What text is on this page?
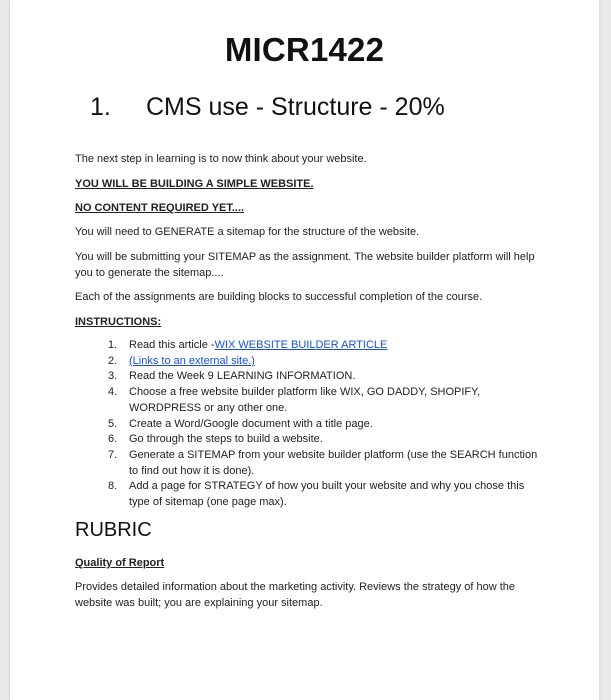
MICR1422
1. CMS use - Structure - 20%
The next step in learning is to now think about your website.
YOU WILL BE BUILDING A SIMPLE WEBSITE.
NO CONTENT REQUIRED YET....
You will need to GENERATE a sitemap for the structure of the website.
You will be submitting your SITEMAP as the assignment. The website builder platform will help you to generate the sitemap....
Each of the assignments are building blocks to successful completion of the course.
INSTRUCTIONS:
1. Read this article -WIX WEBSITE BUILDER ARTICLE
2. (Links to an external site.)
3. Read the Week 9 LEARNING INFORMATION.
4. Choose a free website builder platform like WIX, GO DADDY, SHOPIFY, WORDPRESS or any other one.
5. Create a Word/Google document with a title page.
6. Go through the steps to build a website.
7. Generate a SITEMAP from your website builder platform (use the SEARCH function to find out how it is done).
8. Add a page for STRATEGY of how you built your website and why you chose this type of sitemap (one page max).
RUBRIC
Quality of Report
Provides detailed information about the marketing activity. Reviews the strategy of how the website was built; you are explaining your sitemap.
